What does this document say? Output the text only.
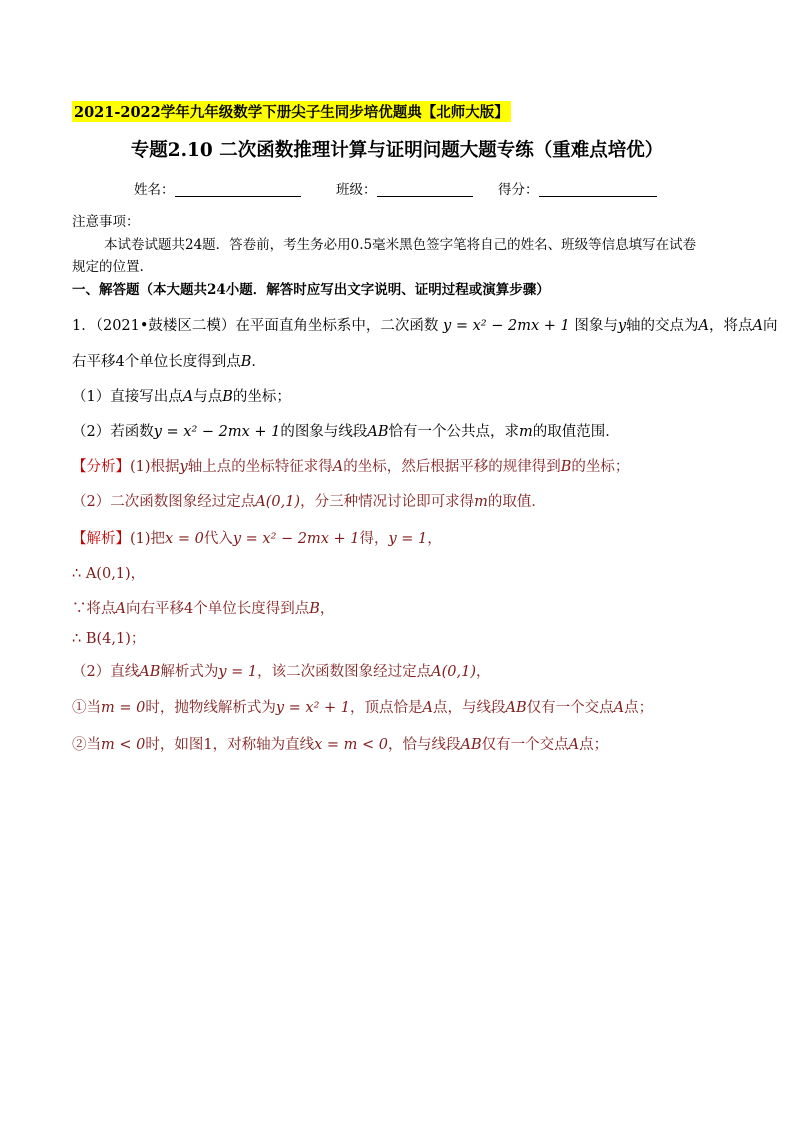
2021-2022学年九年级数学下册尖子生同步培优题典【北师大版】
专题2.10 二次函数推理计算与证明问题大题专练（重难点培优）
姓名：	班级：	得分：
注意事项：
本试卷试题共24题．答卷前，考生务必用0.5毫米黑色签字笔将自己的姓名、班级等信息填写在试卷
规定的位置.
一、解答题（本大题共24小题．解答时应写出文字说明、证明过程或演算步骤）
1．（2021•鼓楼区二模）在平面直角坐标系中，二次函数 y = x² − 2mx + 1 图象与y轴的交点为A，将点A向
右平移4个单位长度得到点B．
（1）直接写出点A与点B的坐标；
（2）若函数y = x² − 2mx + 1的图象与线段AB恰有一个公共点，求m的取值范围．
【分析】(1)根据y轴上点的坐标特征求得A的坐标，然后根据平移的规律得到B的坐标；
（2）二次函数图象经过定点A(0,1)，分三种情况讨论即可求得m的取值．
【解析】(1)把x = 0代入y = x² − 2mx + 1得，y = 1，
∴ A(0,1)，
∵将点A向右平移4个单位长度得到点B，
∴ B(4,1)；
（2）直线AB解析式为y = 1，该二次函数图象经过定点A(0,1)，
①当m = 0时，抛物线解析式为y = x² + 1，顶点恰是A点，与线段AB仅有一个交点A点；
②当m < 0时，如图1，对称轴为直线x = m < 0，恰与线段AB仅有一个交点A点；
